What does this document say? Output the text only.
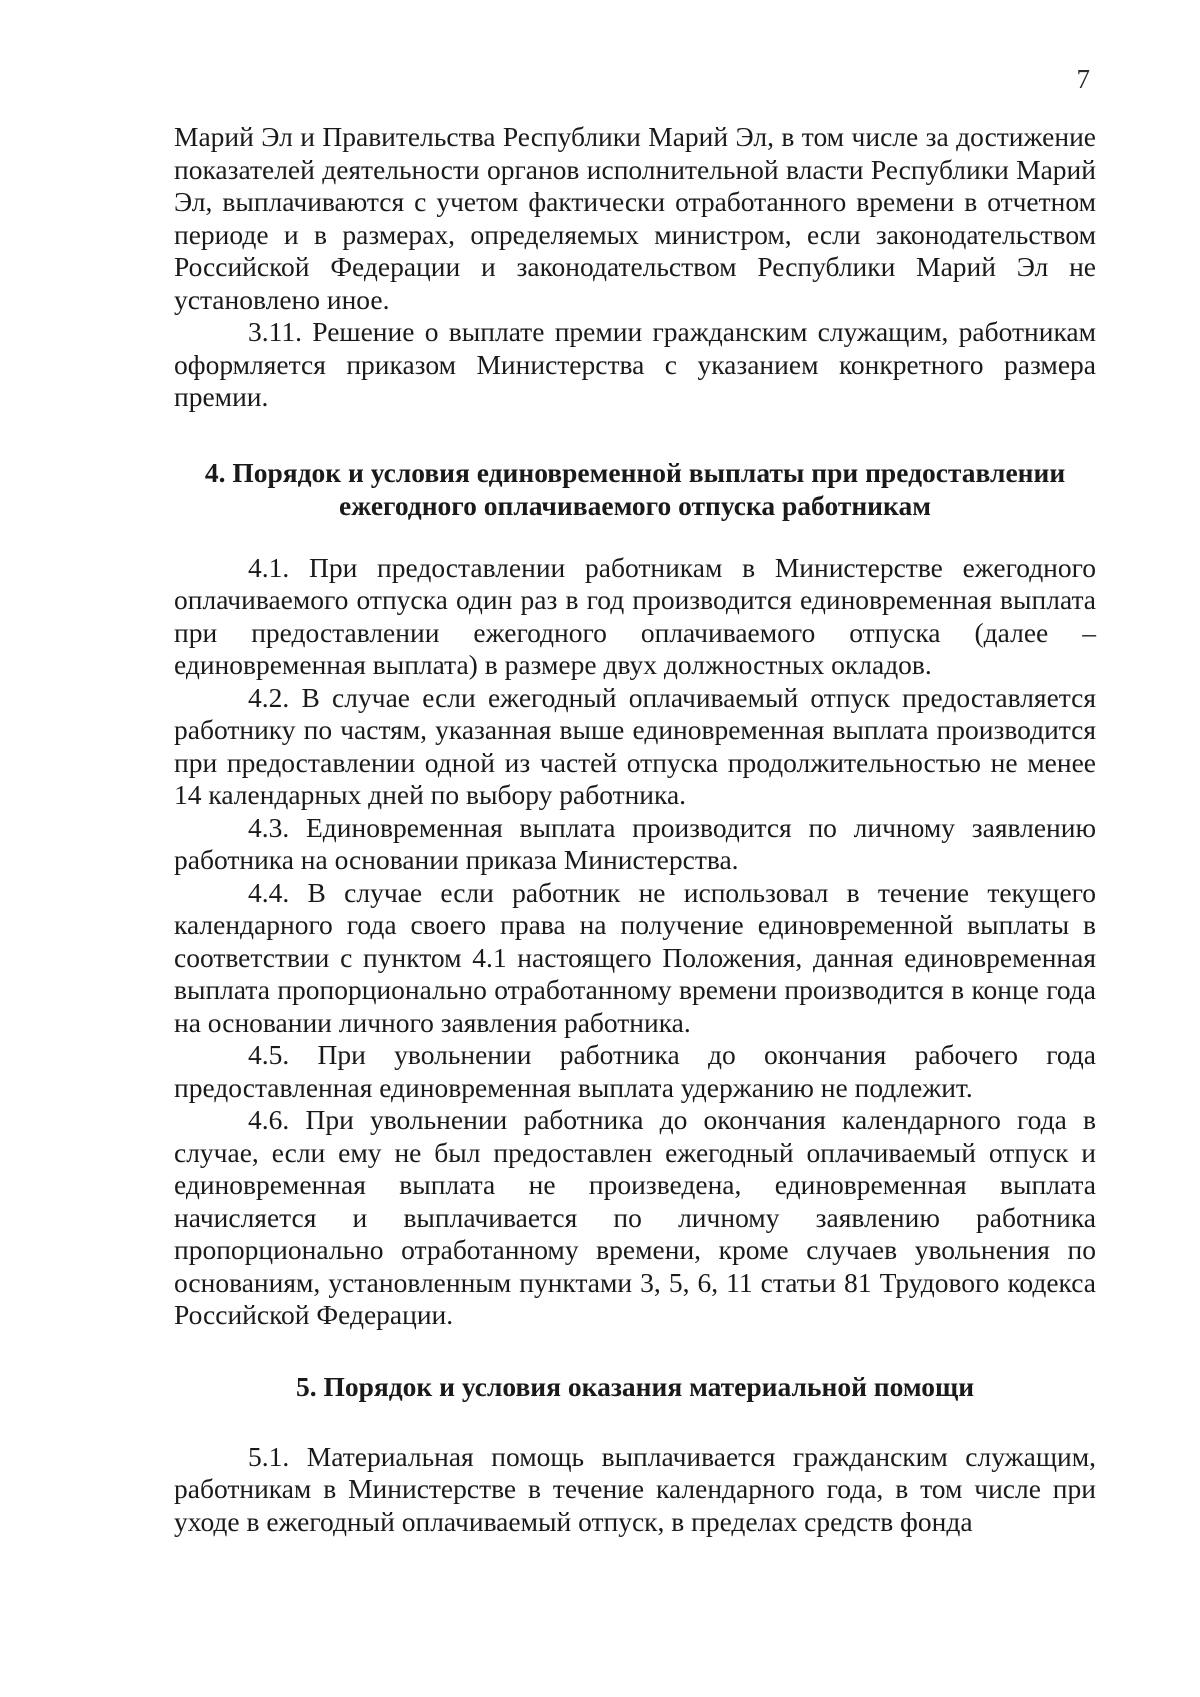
7

Марий Эл и Правительства Республики Марий Эл, в том числе за достижение показателей деятельности органов исполнительной власти Республики Марий Эл, выплачиваются с учетом фактически отработанного времени в отчетном периоде и в размерах, определяемых министром, если законодательством Российской Федерации и законодательством Республики Марий Эл не установлено иное.

3.11. Решение о выплате премии гражданским служащим, работникам оформляется приказом Министерства с указанием конкретного размера премии.

4. Порядок и условия единовременной выплаты при предоставлении
ежегодного оплачиваемого отпуска работникам

4.1. При предоставлении работникам в Министерстве ежегодного оплачиваемого отпуска один раз в год производится единовременная выплата при предоставлении ежегодного оплачиваемого отпуска (далее – единовременная выплата) в размере двух должностных окладов.

4.2. В случае если ежегодный оплачиваемый отпуск предоставляется работнику по частям, указанная выше единовременная выплата производится при предоставлении одной из частей отпуска продолжительностью не менее 14 календарных дней по выбору работника.

4.3. Единовременная выплата производится по личному заявлению работника на основании приказа Министерства.

4.4. В случае если работник не использовал в течение текущего календарного года своего права на получение единовременной выплаты в соответствии с пунктом 4.1 настоящего Положения, данная единовременная выплата пропорционально отработанному времени производится в конце года на основании личного заявления работника.

4.5. При увольнении работника до окончания рабочего года предоставленная единовременная выплата удержанию не подлежит.

4.6. При увольнении работника до окончания календарного года в случае, если ему не был предоставлен ежегодный оплачиваемый отпуск и единовременная выплата не произведена, единовременная выплата начисляется и выплачивается по личному заявлению работника пропорционально отработанному времени, кроме случаев увольнения по основаниям, установленным пунктами 3, 5, 6, 11 статьи 81 Трудового кодекса Российской Федерации.

5. Порядок и условия оказания материальной помощи

5.1. Материальная помощь выплачивается гражданским служащим, работникам в Министерстве в течение календарного года, в том числе при уходе в ежегодный оплачиваемый отпуск, в пределах средств фонда
